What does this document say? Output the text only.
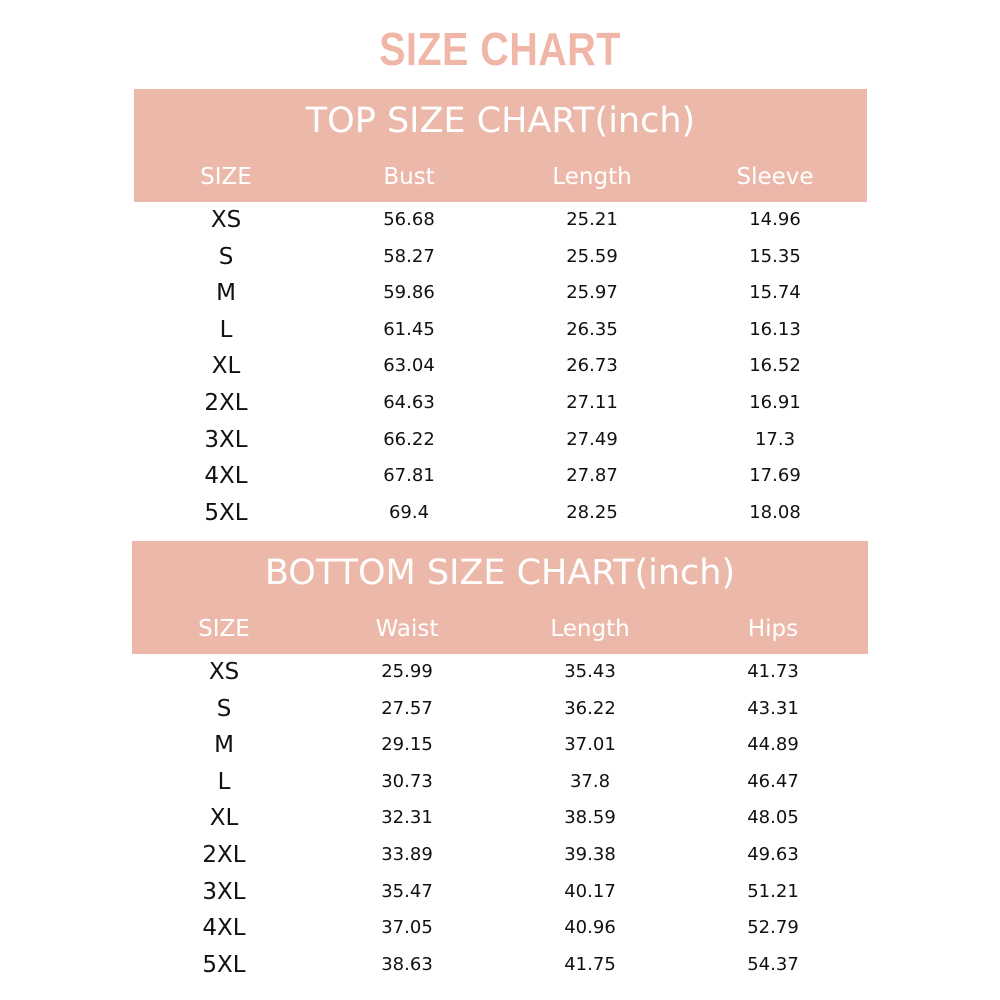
SIZE CHART
TOP SIZE CHART(inch)
SIZE	Bust	Length	Sleeve
XS	56.68	25.21	14.96
S	58.27	25.59	15.35
M	59.86	25.97	15.74
L	61.45	26.35	16.13
XL	63.04	26.73	16.52
2XL	64.63	27.11	16.91
3XL	66.22	27.49	17.3
4XL	67.81	27.87	17.69
5XL	69.4	28.25	18.08
BOTTOM SIZE CHART(inch)
SIZE	Waist	Length	Hips
XS	25.99	35.43	41.73
S	27.57	36.22	43.31
M	29.15	37.01	44.89
L	30.73	37.8	46.47
XL	32.31	38.59	48.05
2XL	33.89	39.38	49.63
3XL	35.47	40.17	51.21
4XL	37.05	40.96	52.79
5XL	38.63	41.75	54.37
